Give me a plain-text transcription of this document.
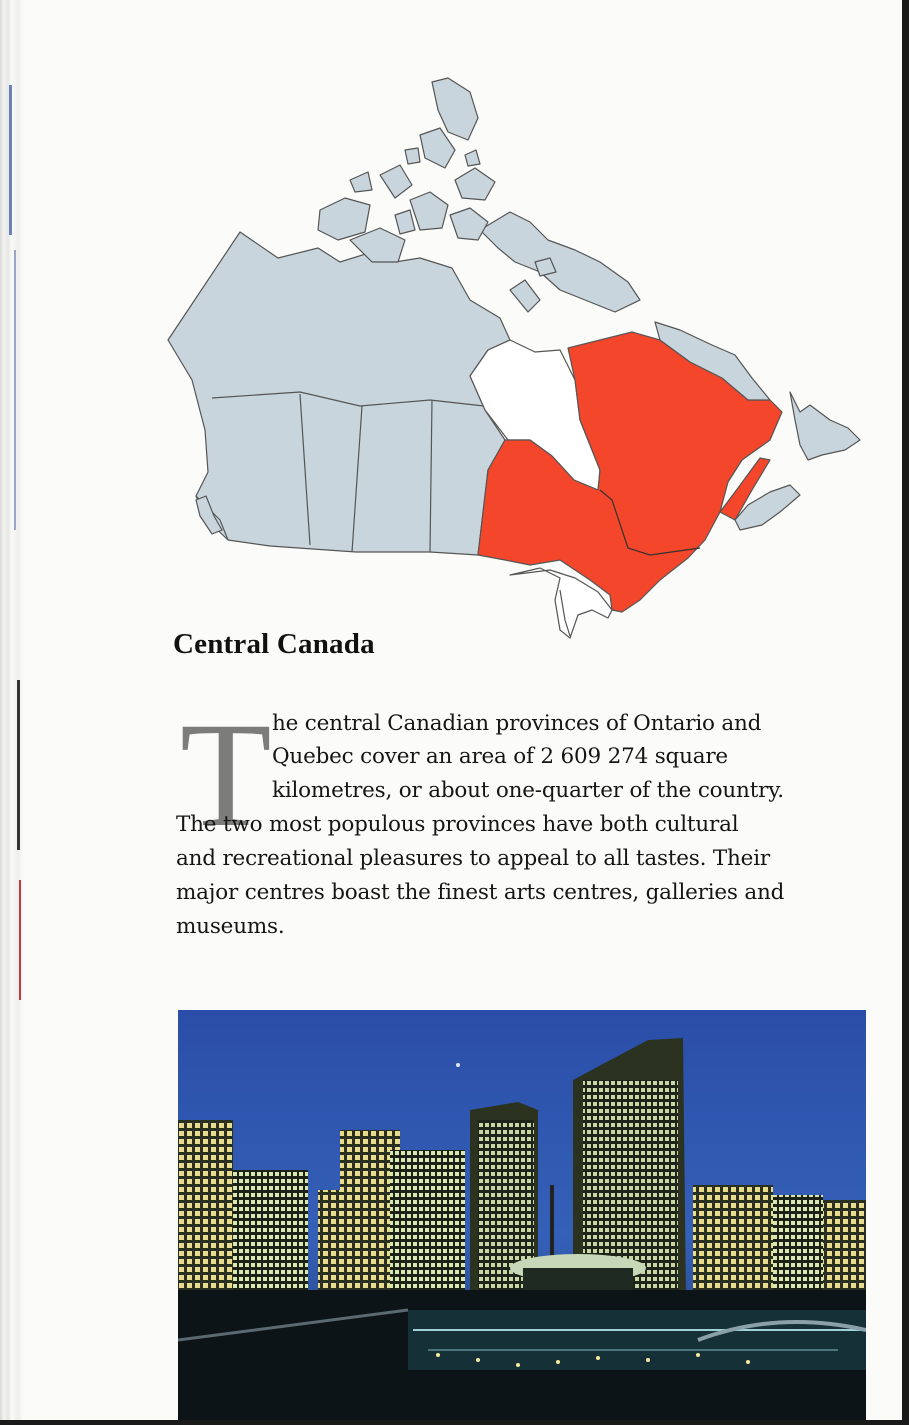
Central Canada
T he central Canadian provinces of Ontario and

Quebec cover an area of 2 609 274 square

kilometres, or about one-quarter of the country.

The two most populous provinces have both cultural

and recreational pleasures to appeal to all tastes. Their

major centres boast the finest arts centres, galleries and

museums.
